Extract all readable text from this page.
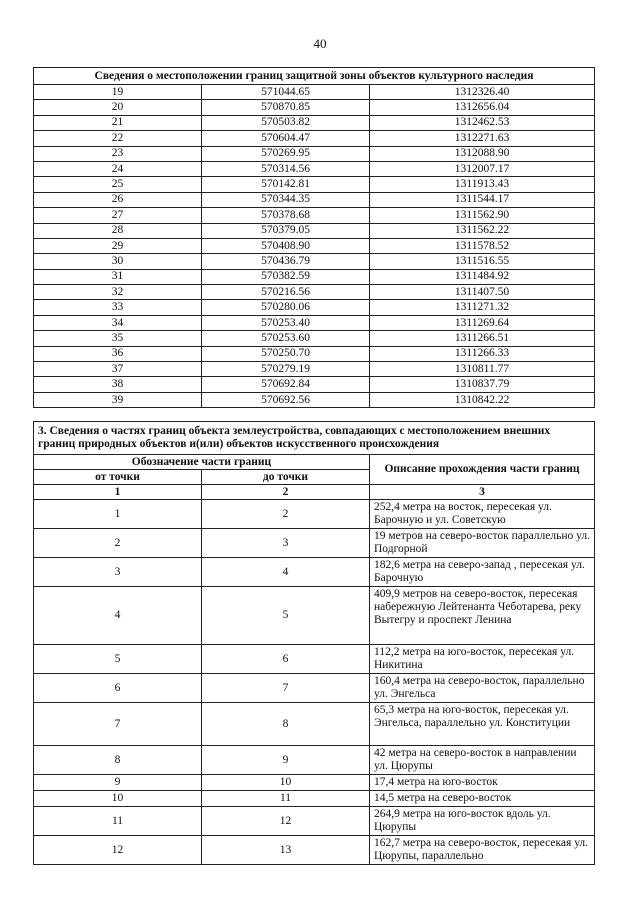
40
Сведения о местоположении границ защитной зоны объектов культурного наследия		
19	571044.65	1312326.40
20	570870.85	1312656.04
21	570503.82	1312462.53
22	570604.47	1312271.63
23	570269.95	1312088.90
24	570314.56	1312007.17
25	570142.81	1311913.43
26	570344.35	1311544.17
27	570378.68	1311562.90
28	570379.05	1311562.22
29	570408.90	1311578.52
30	570436.79	1311516.55
31	570382.59	1311484.92
32	570216.56	1311407.50
33	570280.06	1311271.32
34	570253.40	1311269.64
35	570253.60	1311266.51
36	570250.70	1311266.33
37	570279.19	1310811.77
38	570692.84	1310837.79
39	570692.56	1310842.22
3. Сведения о частях границ объекта землеустройства, совпадающих с местоположением внешних границ природных объектов и(или) объектов искусственного происхождения		
Обозначение части границ		Описание прохождения части границ
от точки	до точки	
1	2	3
1	2	252,4 метра на восток, пересекая ул. Барочную и ул. Советскую
2	3	19 метров на северо-восток параллельно ул. Подгорной
3	4	182,6 метра на северо-запад , пересекая ул. Барочную
4	5	409,9 метров на северо-восток, пересекая набережную Лейтенанта Чеботарева, реку Вытегру и проспект Ленина
5	6	112,2 метра на юго-восток, пересекая ул. Никитина
6	7	160,4 метра на северо-восток, параллельно ул. Энгельса
7	8	65,3 метра на юго-восток, пересекая ул. Энгельса, параллельно ул. Конституции
8	9	42 метра на северо-восток в направлении ул. Цюрупы
9	10	17,4 метра на юго-восток
10	11	14,5 метра на северо-восток
11	12	264,9 метра на юго-восток вдоль ул. Цюрупы
12	13	162,7 метра на северо-восток, пересекая ул. Цюрупы, параллельно
